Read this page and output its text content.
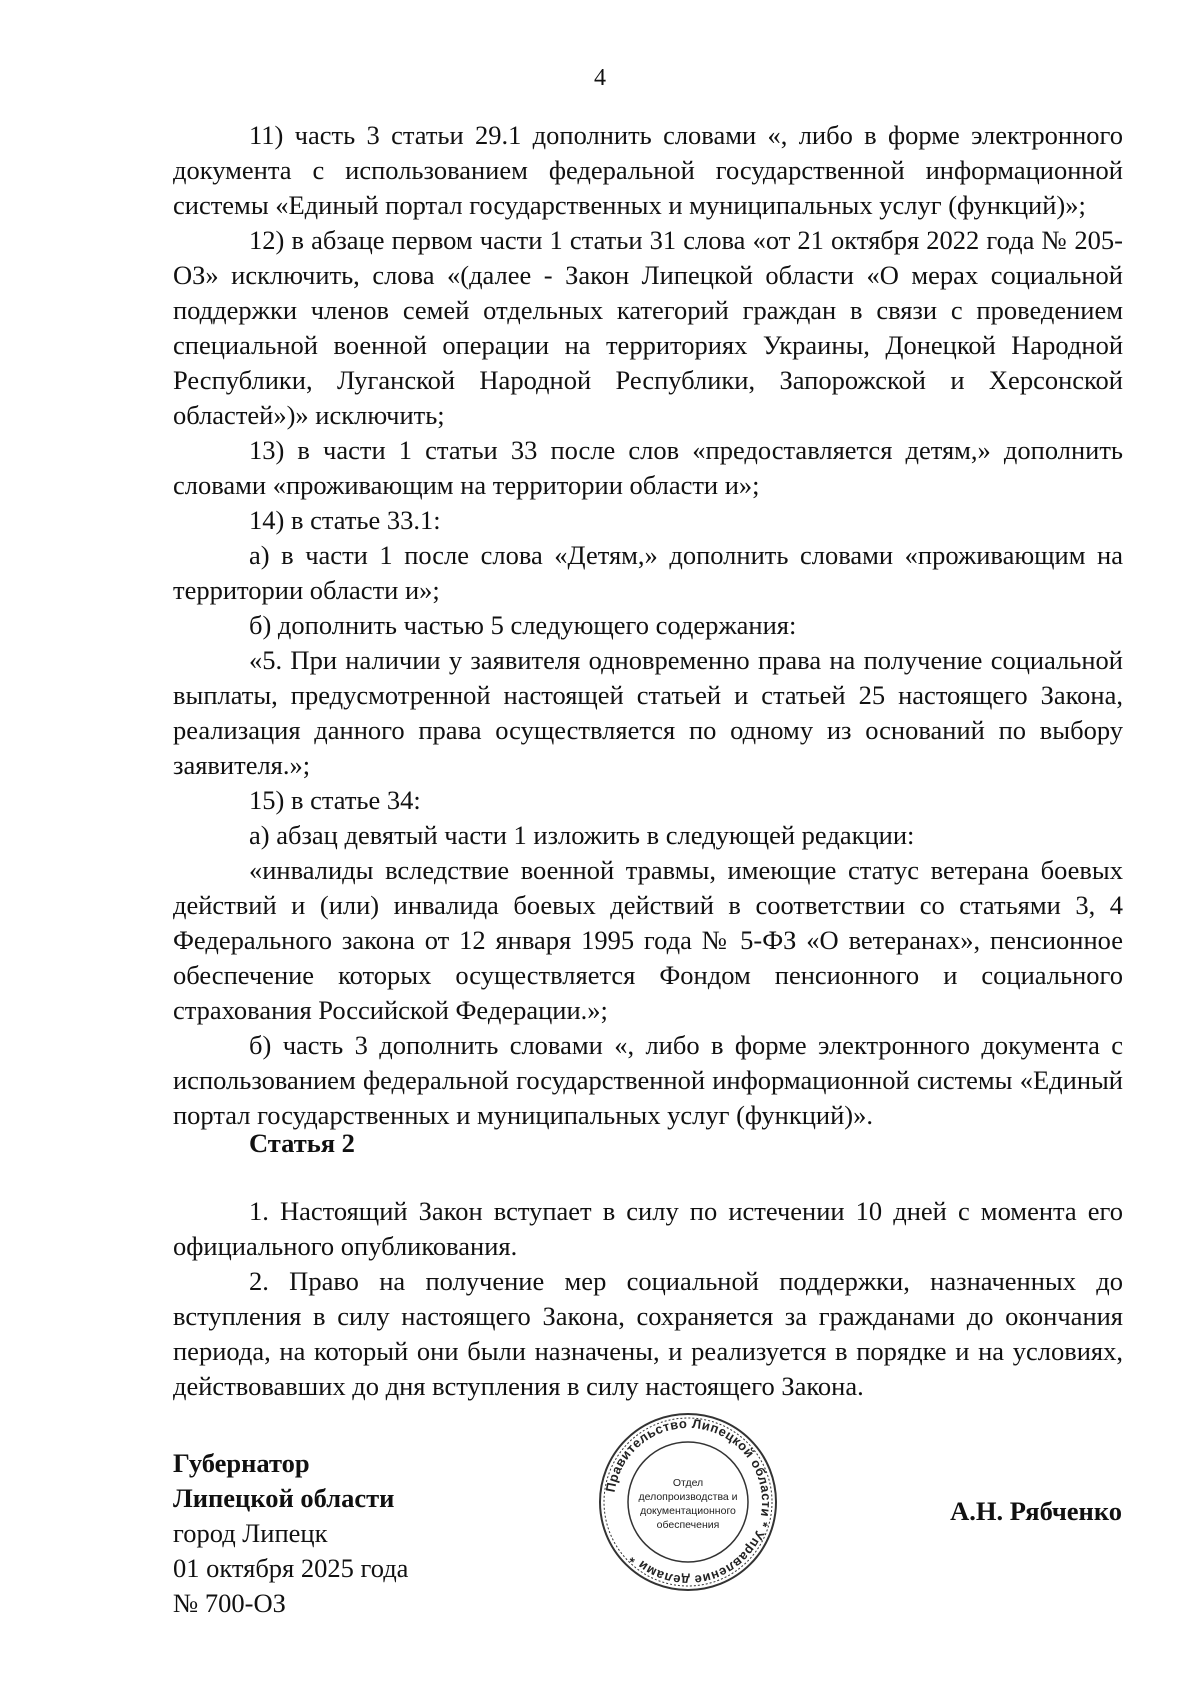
4

11) часть 3 статьи 29.1 дополнить словами «, либо в форме электронного документа с использованием федеральной государственной информационной системы «Единый портал государственных и муниципальных услуг (функций)»;

12) в абзаце первом части 1 статьи 31 слова «от 21 октября 2022 года № 205-ОЗ» исключить, слова «(далее - Закон Липецкой области «О мерах социальной поддержки членов семей отдельных категорий граждан в связи с проведением специальной военной операции на территориях Украины, Донецкой Народной Республики, Луганской Народной Республики, Запорожской и Херсонской областей»)» исключить;

13) в части 1 статьи 33 после слов «предоставляется детям,» дополнить словами «проживающим на территории области и»;

14) в статье 33.1:

а) в части 1 после слова «Детям,» дополнить словами «проживающим на территории области и»;

б) дополнить частью 5 следующего содержания:

«5. При наличии у заявителя одновременно права на получение социальной выплаты, предусмотренной настоящей статьей и статьей 25 настоящего Закона, реализация данного права осуществляется по одному из оснований по выбору заявителя.»;

15) в статье 34:

а) абзац девятый части 1 изложить в следующей редакции:

«инвалиды вследствие военной травмы, имеющие статус ветерана боевых действий и (или) инвалида боевых действий в соответствии со статьями 3, 4 Федерального закона от 12 января 1995 года № 5-ФЗ «О ветеранах», пенсионное обеспечение которых осуществляется Фондом пенсионного и социального страхования Российской Федерации.»;

б) часть 3 дополнить словами «, либо в форме электронного документа с использованием федеральной государственной информационной системы «Единый портал государственных и муниципальных услуг (функций)».

Статья 2

1. Настоящий Закон вступает в силу по истечении 10 дней с момента его официального опубликования.

2. Право на получение мер социальной поддержки, назначенных до вступления в силу настоящего Закона, сохраняется за гражданами до окончания периода, на который они были назначены, и реализуется в порядке и на условиях, действовавших до дня вступления в силу настоящего Закона.

Губернатор
Липецкой области
город Липецк
01 октября 2025 года
№ 700-ОЗ
А.Н. Рябченко
Правительство Липецкой области * Управление делами *
Отдел
делопроизводства и
документационного
обеспечения
